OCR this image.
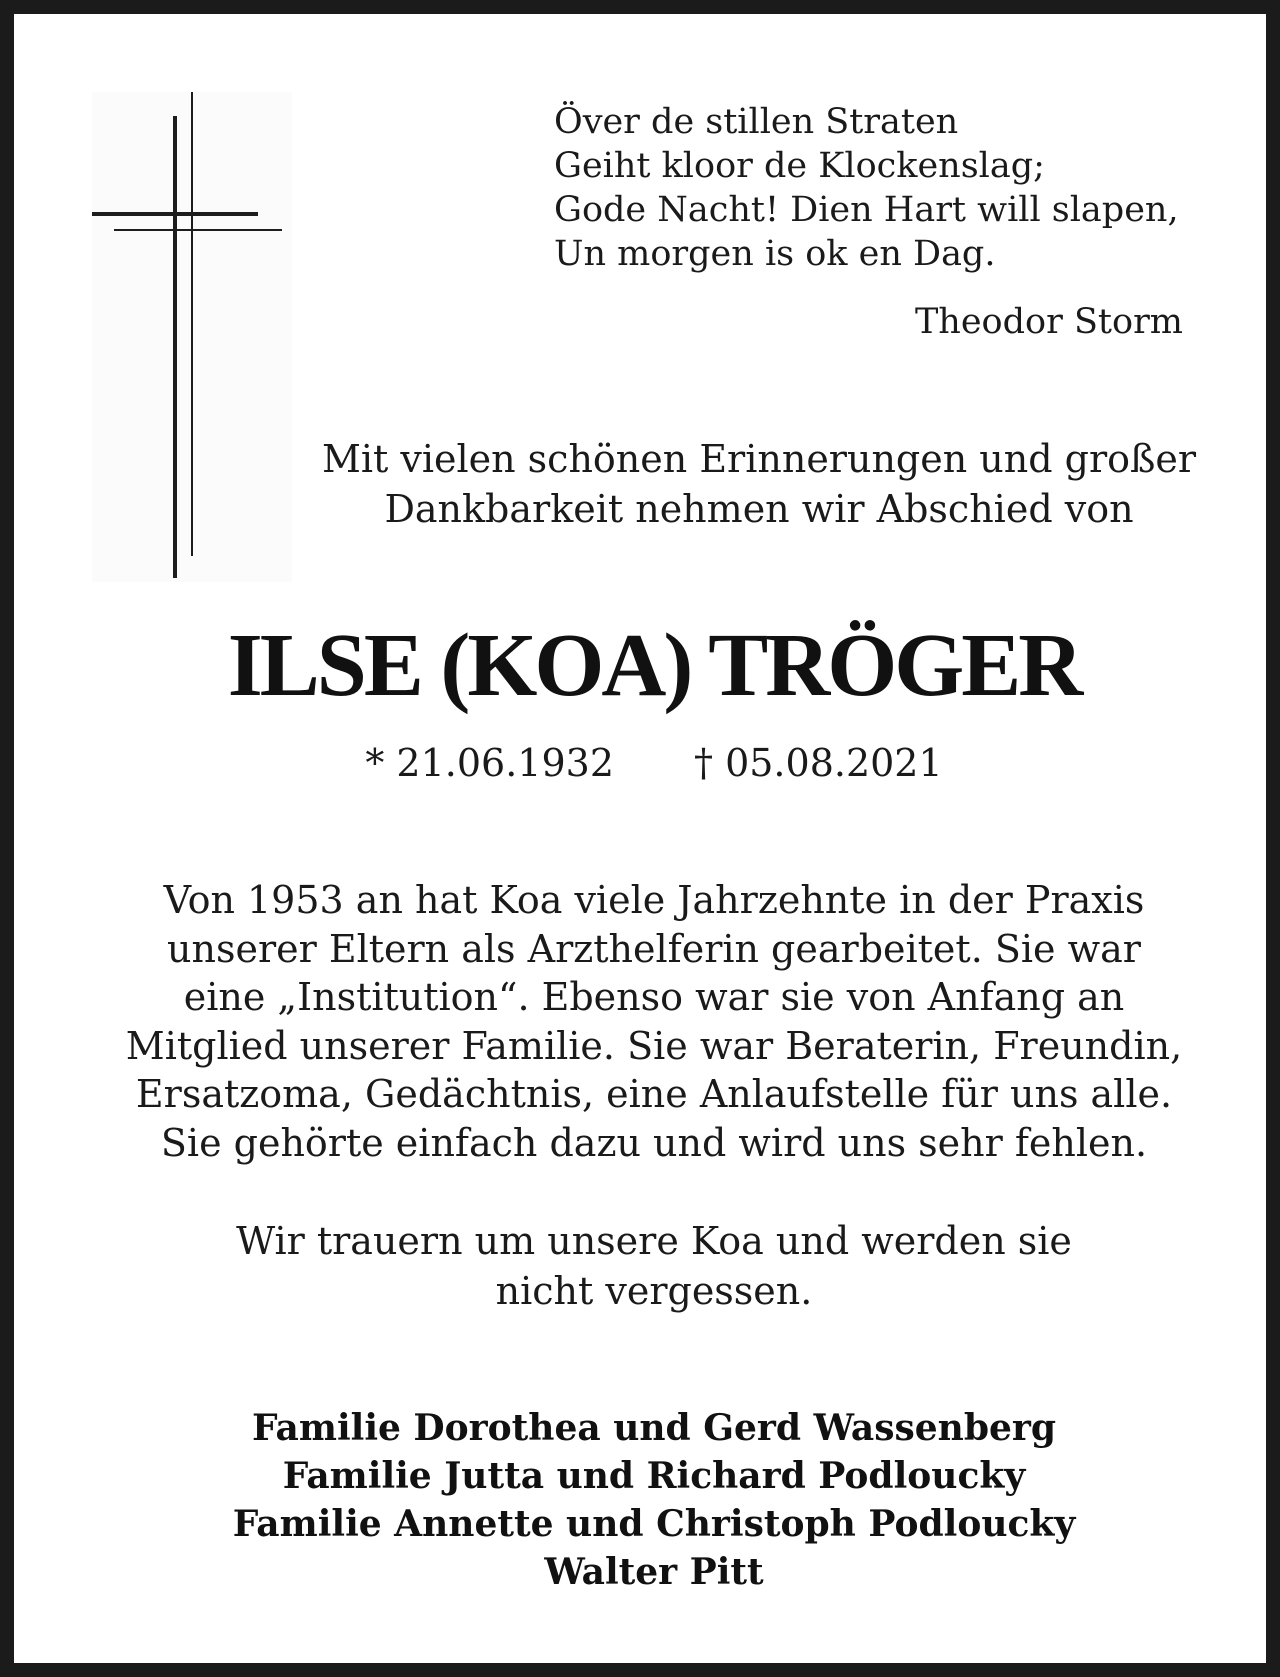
Över de stillen Straten
Geiht kloor de Klockenslag;
Gode Nacht! Dien Hart will slapen,
Un morgen is ok en Dag.
Theodor Storm
Mit vielen schönen Erinnerungen und großer
Dankbarkeit nehmen wir Abschied von
ILSE (KOA) TRÖGER
* 21.06.1932 † 05.08.2021
Von 1953 an hat Koa viele Jahrzehnte in der Praxis
unserer Eltern als Arzthelferin gearbeitet. Sie war
eine „Institution“. Ebenso war sie von Anfang an
Mitglied unserer Familie. Sie war Beraterin, Freundin,
Ersatzoma, Gedächtnis, eine Anlaufstelle für uns alle.
Sie gehörte einfach dazu und wird uns sehr fehlen.
Wir trauern um unsere Koa und werden sie
nicht vergessen.
Familie Dorothea und Gerd Wassenberg
Familie Jutta und Richard Podloucky
Familie Annette und Christoph Podloucky
Walter Pitt
